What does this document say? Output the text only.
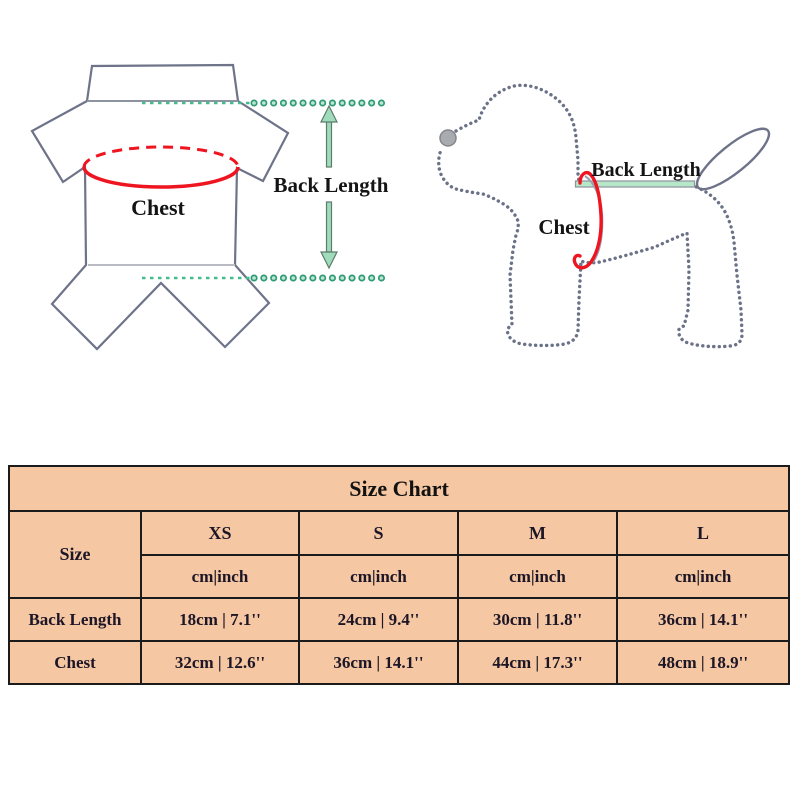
Chest
Back Length
Back Length
Chest
Size Chart				
Size	XS	S	M	L
	cm|inch	cm|inch	cm|inch	cm|inch
Back Length	18cm | 7.1''	24cm | 9.4''	30cm | 11.8''	36cm | 14.1''
Chest	32cm | 12.6''	36cm | 14.1''	44cm | 17.3''	48cm | 18.9''
